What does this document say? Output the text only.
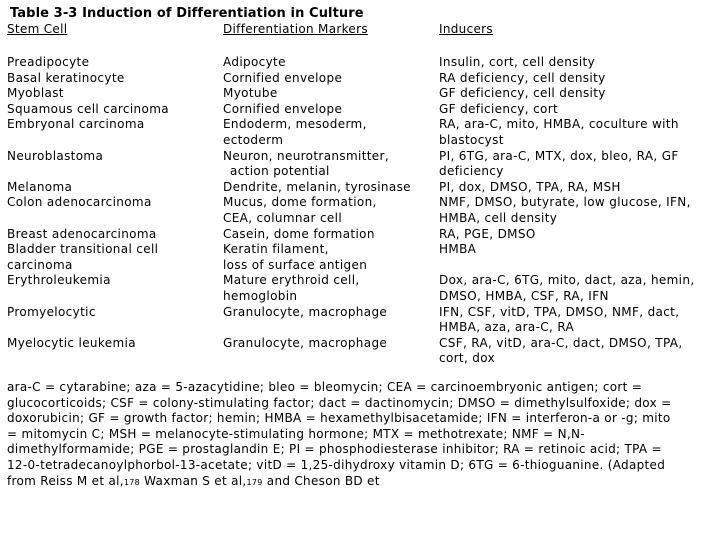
Table 3-3 Induction of Differentiation in Culture
Stem Cell	Differentiation Markers	Inducers
Preadipocyte
Basal keratinocyte
Myoblast
Squamous cell carcinoma
Embryonal carcinoma
Neuroblastoma
Melanoma
Colon adenocarcinoma
Breast adenocarcinoma
Bladder transitional cell
carcinoma
Erythroleukemia
Promyelocytic
Myelocytic leukemia
Adipocyte
Cornified envelope
Myotube
Cornified envelope
Endoderm, mesoderm,
ectoderm
Neuron, neurotransmitter,
action potential
Dendrite, melanin, tyrosinase
Mucus, dome formation,
CEA, columnar cell
Casein, dome formation
Keratin filament,
loss of surface antigen
Mature erythroid cell,
hemoglobin
Granulocyte, macrophage
Granulocyte, macrophage
Insulin, cort, cell density
RA deficiency, cell density
GF deficiency, cell density
GF deficiency, cort
RA, ara-C, mito, HMBA, coculture with
blastocyst
PI, 6TG, ara-C, MTX, dox, bleo, RA, GF
deficiency
PI, dox, DMSO, TPA, RA, MSH
NMF, DMSO, butyrate, low glucose, IFN,
HMBA, cell density
RA, PGE, DMSO
HMBA
Dox, ara-C, 6TG, mito, dact, aza, hemin,
DMSO, HMBA, CSF, RA, IFN
IFN, CSF, vitD, TPA, DMSO, NMF, dact,
HMBA, aza, ara-C, RA
CSF, RA, vitD, ara-C, dact, DMSO, TPA,
cort, dox
ara-C = cytarabine; aza = 5-azacytidine; bleo = bleomycin; CEA = carcinoembryonic antigen; cort =
glucocorticoids; CSF = colony-stimulating factor; dact = dactinomycin; DMSO = dimethylsulfoxide; dox =
doxorubicin; GF = growth factor; hemin; HMBA = hexamethylbisacetamide; IFN = interferon-a or -g; mito
= mitomycin C; MSH = melanocyte-stimulating hormone; MTX = methotrexate; NMF = N,N-
dimethylformamide; PGE = prostaglandin E; PI = phosphodiesterase inhibitor; RA = retinoic acid; TPA =
12-0-tetradecanoylphorbol-13-acetate; vitD = 1,25-dihydroxy vitamin D; 6TG = 6-thioguanine. (Adapted
from Reiss M et al,178 Waxman S et al,179 and Cheson BD et
